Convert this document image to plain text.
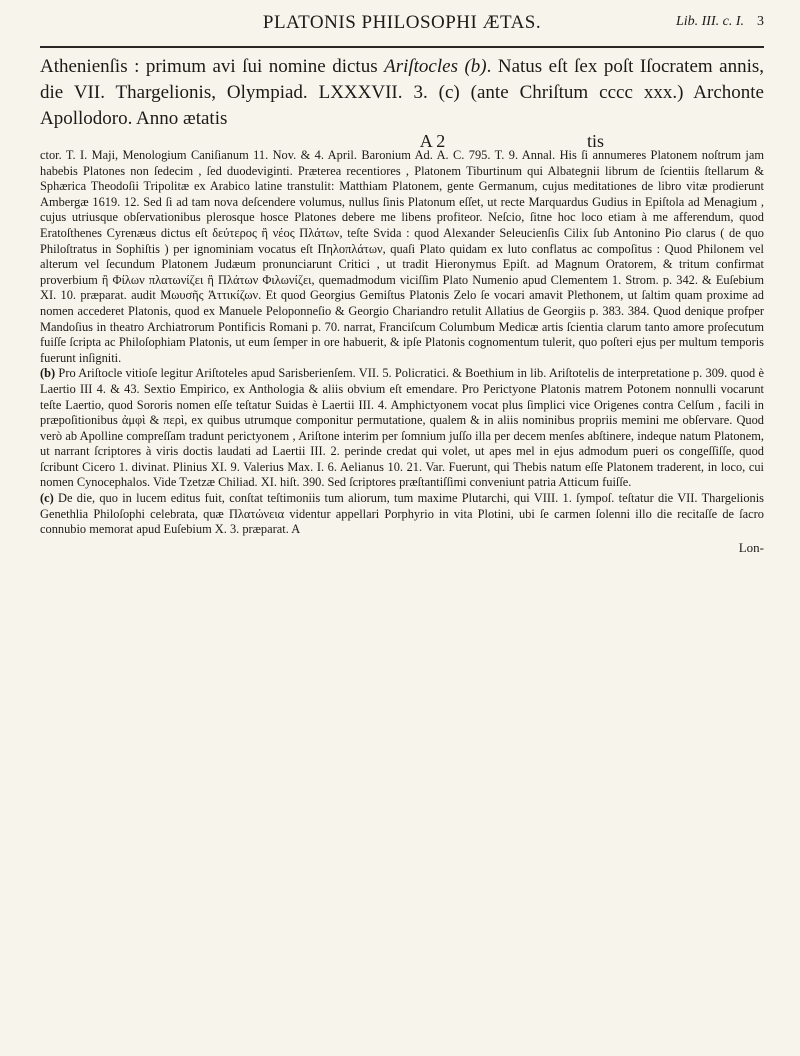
PLATONIS PHILOSOPHI ÆTAS.	Lib. III. c. I. 3
Athenienſis : primum avi ſui nomine dictus Ariſtocles (b). Natus eſt ſex poſt Iſocratem annis, die VII. Thargelionis, Olympiad. LXXXVII. 3. (c) (ante Chriſtum cccc xxx.) Archonte Apollodoro. Anno ætatis
A 2	tis

ctor. T. I. Maji, Menologium Caniſianum 11. Nov. & 4. April. Baronium Ad. A. C. 795. T. 9. Annal. His ſi annumeres Platonem noſtrum jam habebis Platones non ſedecim , ſed duodeviginti. Præterea recentiores , Platonem Tiburtinum qui Albategnii librum de ſcientiis ſtellarum & Sphærica Theodoſii Tripolitæ ex Arabico latine transtulit: Matthiam Platonem, gente Germanum, cujus meditationes de libro vitæ prodierunt Ambergæ 1619. 12. Sed ſi ad tam nova deſcendere volumus, nullus ſinis Platonum eſſet, ut recte Marquardus Gudius in Epiſtola ad Menagium , cujus utriusque obſervationibus plerosque hosce Platones debere me libens profiteor. Neſcio, ſitne hoc loco etiam à me afferendum, quod Eratoſthenes Cyrenæus dictus eſt δεύτερος ἢ νέος Πλάτων, teſte Svida : quod Alexander Seleucienſis Cilix ſub Antonino Pio clarus ( de quo Philoſtratus in Sophiſtis ) per ignominiam vocatus eſt Πηλοπλάτων, quaſi Plato quidam ex luto conflatus ac compoſitus : Quod Philonem vel alterum vel ſecundum Platonem Judæum pronunciarunt Critici , ut tradit Hieronymus Epiſt. ad Magnum Oratorem, & tritum confirmat proverbium ἢ Φίλων πλατωνίζει ἢ Πλάτων Φιλωνίζει, quemadmodum viciſſim Plato Numenio apud Clementem 1. Strom. p. 342. & Euſebium XI. 10. præparat. audit Μωυσῆς Ἀττικίζων. Et quod Georgius Gemiſtus Platonis Zelo ſe vocari amavit Plethonem, ut ſaltim quam proxime ad nomen accederet Platonis, quod ex Manuele Peloponneſio & Georgio Chariandro retulit Allatius de Georgiis p. 383. 384. Quod denique profper Mandoſius in theatro Archiatrorum Pontificis Romani p. 70. narrat, Franciſcum Columbum Medicæ artis ſcientia clarum tanto amore proſecutum fuiſſe ſcripta ac Philoſophiam Platonis, ut eum ſemper in ore habuerit, & ipſe Platonis cognomentum tulerit, quo poſteri ejus per multum temporis fuerunt inſigniti.

(b) Pro Ariſtocle vitioſe legitur Ariſtoteles apud Sarisberienſem. VII. 5. Policratici. & Boethium in lib. Ariſtotelis de interpretatione p. 309. quod è Laertio III 4. & 43. Sextio Empirico, ex Anthologia & aliis obvium eſt emendare. Pro Perictyone Platonis matrem Potonem nonnulli vocarunt teſte Laertio, quod Sororis nomen eſſe teſtatur Suidas è Laertii III. 4. Amphictyonem vocat plus ſimplici vice Origenes contra Celſum , facili in præpoſitionibus ἀμφὶ & περὶ, ex quibus utrumque componitur permutatione, qualem & in aliis nominibus propriis memini me obſervare. Quod verò ab Apolline compreſſam tradunt perictyonem , Ariſtone interim per ſomnium juſſo illa per decem menſes abſtinere, indeque natum Platonem, ut narrant ſcriptores à viris doctis laudati ad Laertii III. 2. perinde credat qui volet, ut apes mel in ejus admodum pueri os congeſſiſſe, quod ſcribunt Cicero 1. divinat. Plinius XI. 9. Valerius Max. I. 6. Aelianus 10. 21. Var. Fuerunt, qui Thebis natum eſſe Platonem traderent, in loco, cui nomen Cynocephalos. Vide Tzetzæ Chiliad. XI. hiſt. 390. Sed ſcriptores præſtantiſſimi conveniunt patria Atticum fuiſſe.

(c) De die, quo in lucem editus fuit, conſtat teſtimoniis tum aliorum, tum maxime Plutarchi, qui VIII. 1. ſympoſ. teſtatur die VII. Thargelionis Genethlia Philoſophi celebrata, quæ Πλατώνεια videntur appellari Porphyrio in vita Plotini, ubi ſe carmen ſolenni illo die recitaſſe de ſacro connubio memorat apud Euſebium X. 3. præparat. A

Lon-
